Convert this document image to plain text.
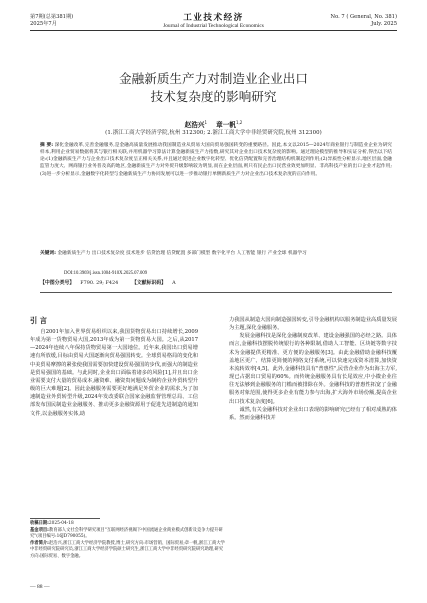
第7期(总第381期)
2025年7月
工业技术经济
Journal of Industrial Technological Economics
No. 7 ( General, No. 381)
July. 2025
金融新质生产力对制造业企业出口
技术复杂度的影响研究
赵浩兴$^1$ 章一帆$^{1,2}$
(1.浙江工商大学经济学院,杭州 312300; 2.浙江工商大学中非经贸研究院,杭州 312300)
摘 要: 深化金融改革,完善金融服务,是金融高质量发展推动我国制造业从贸易大国向贸易强国转变的重要路径。因此,本文以2015—2024年商业银行与制造业企业为研究样本,利用企业贸易数据将其与银行相关联,并用机器学习算法计算金融新质生产力指数,研究其对企业出口技术复杂度的影响。通过理论模型的推导和实证分析,得出以下结论:(1)金融新质生产力与企业出口技术复杂度呈正相关关系,并且通过促进企业数字化转型、优化信贷配置和完善治理结构机制起到作用;(2)异质性分析显示,地区层面,金融监管力度大、网商银行业务普及高的地区,金融新质生产力对外贸升级影响较为明显,而在企业层面,则只有民企出口民营业效更加明显、非高科技产业的出口企业才起作用;(3)进一步分析显示,金融数字化转型与金融新质生产力协同发展可以进一步推动银行单侧新质生产力对企业出口技术复杂度的正向作用。
关键词: 金融新质生产力 出口技术复杂度 技术进步 信贷治理 信贷配置 多部门模型 数字化平台 人工智能 银行 产业全球 机器学习
DOI:10.3969/j.issn.1004-910X.2025.07.009
【中图分类号】 F790. 29; F424	【文献标识码】 A
引 言

自2001年加入世界贸易组织以来,我国货物贸易出口持续增长,2009年成为第一货物贸易大国,2013年成为第一货物贸易大国。之后,从2017—2024年连续八年保持货物贸易第一大国地位。近年来,我国出口贸易增速有所放缓,目标由贸易大国逐渐向贸易强国转变。全球贸易格局的变化和中美贸易摩擦的紧张使我国需要加快建设贸易强国的步伐,而强大的制造业是贸易强国的基础。与此同时,企业出口面临着诸多的风险[1],并且出口企业需要支付大量的贸易成本,融资难、融资贵问题成为制约企业外贸转型升级的巨大难题[2]。因此金融服务需要更好地满足外贸企业的需求,为了加速制造业外贸转型升级,2024年发改委联合国家金融监督管理总局、工信部发布国民制造业金融服务、推动更多金融资源用于促进先进制造的通知文件,以金融服务实体,助

力我国从制造大国向制造强国转变,引导金融机构以服务制造业高质量发展为主题,深化金融服务。

发展金融科技是深化金融制度改革、建设金融强国的必经之路。具体而言,金融科技摆脱传统银行的各种限制,借助人工智能、区块链等数字技术为金融提供更精准、更方便的金融服务[3]。由此金融借助金融科技覆盖地区更广、结算更简便的网络支付系统,可以快速完成资本清算,加快资本流转效率[4,5]。此外,金融科技具有"普惠性",民营企业作为出海主力军,现已占据出口贸易的60%。而传统金融服务具有长尾效应,中小微企业往往无法够到金融服务的门槛而被排除在外。金融科技的普惠性拓宽了金融服务对象范围,使得更多企业有能力参与出海,扩大海外市场份额,提高企业出口技术复杂度[6]。

诚然,有关金融科技对企业出口表现的影响研究已经有了相对成熟的体系。然而金融科技并

收稿日期:2025-04-18
基金项目:教育部人文社会科学研究项目"互联网经济视阈下中国流通企业商业模式创新及竞争力提升研究"(项目编号:16JD790055)。
作者简介:赵浩兴,浙江工商大学经济学院教授,博士,研究方向:市场营销、国际贸易;章一帆,浙江工商大学中非经贸研究院研究员,浙江工商大学经济学院硕士研究生,浙江工商大学中非经贸研究院研究助理,研究方向:国际贸易、数字金融。
— 88 —
